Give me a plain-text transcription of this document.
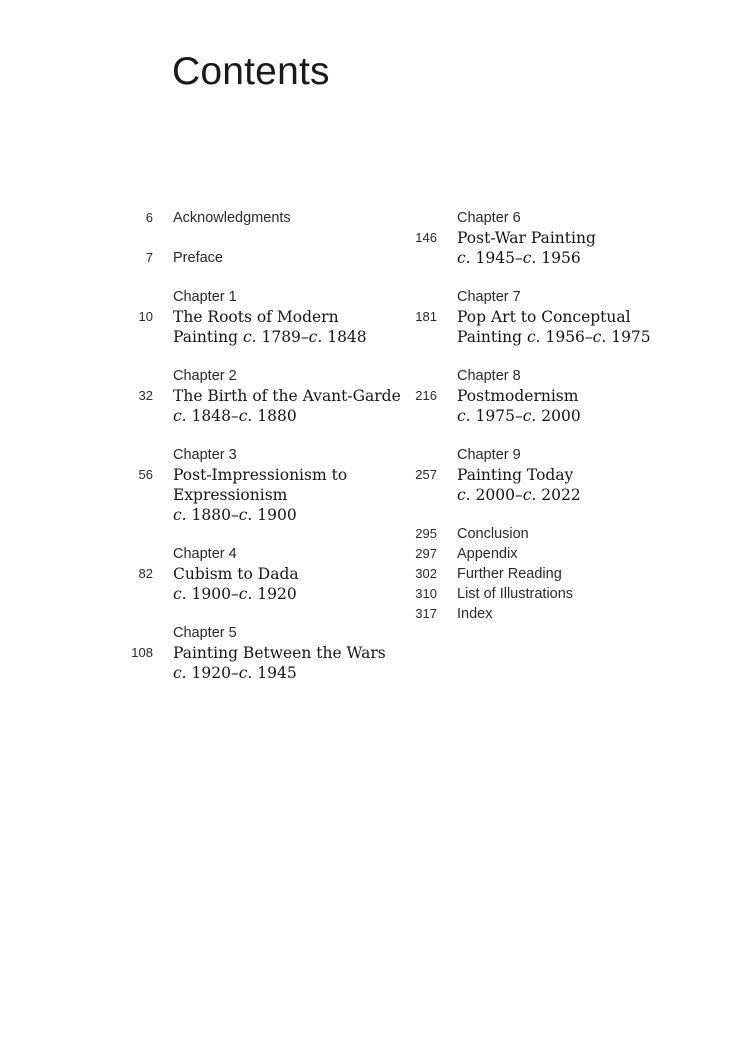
Contents
6 Acknowledgments
7 Preface
Chapter 1
10 The Roots of Modern
Painting c. 1789–c. 1848
Chapter 2
32 The Birth of the Avant-Garde
c. 1848–c. 1880
Chapter 3
56 Post-Impressionism to
Expressionism
c. 1880–c. 1900
Chapter 4
82 Cubism to Dada
c. 1900–c. 1920
Chapter 5
108 Painting Between the Wars
c. 1920–c. 1945
Chapter 6
146 Post-War Painting
c. 1945–c. 1956
Chapter 7
181 Pop Art to Conceptual
Painting c. 1956–c. 1975
Chapter 8
216 Postmodernism
c. 1975–c. 2000
Chapter 9
257 Painting Today
c. 2000–c. 2022
295 Conclusion
297 Appendix
302 Further Reading
310 List of Illustrations
317 Index
